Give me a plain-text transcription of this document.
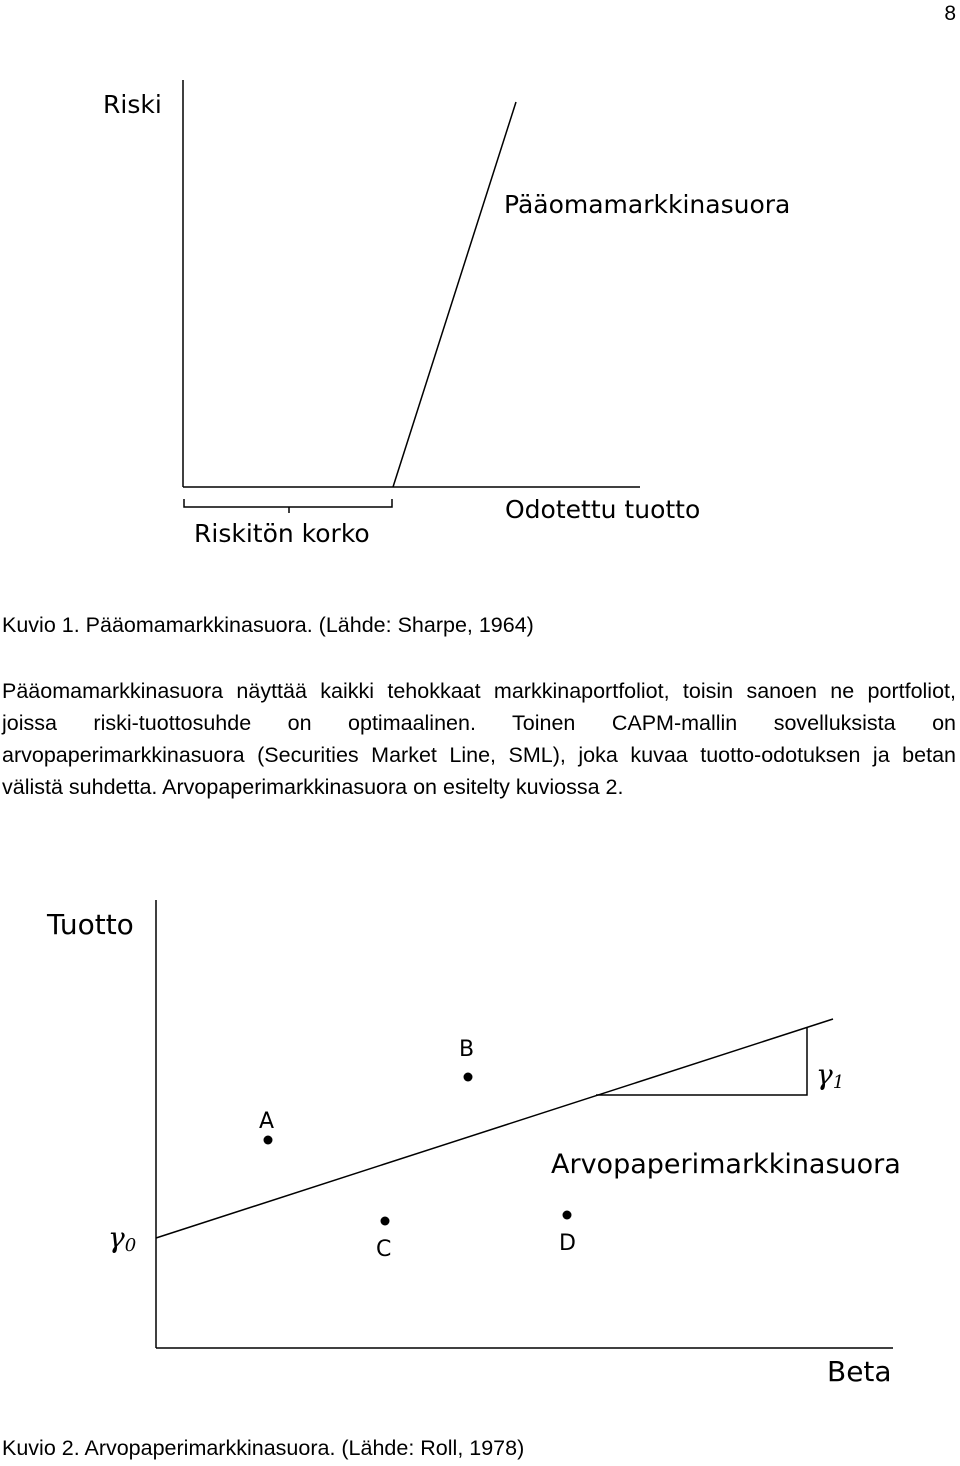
8
Riski
Pääomamarkkinasuora
Odotettu tuotto
Riskitön korko
Kuvio 1. Pääomamarkkinasuora. (Lähde: Sharpe, 1964)
Pääomamarkkinasuora näyttää kaikki tehokkaat markkinaportfoliot, toisin sanoen ne portfoliot, joissa riski-tuottosuhde on optimaalinen. Toinen CAPM-mallin sovelluksista on arvopaperimarkkinasuora (Securities Market Line, SML), joka kuvaa tuotto-odotuksen ja betan välistä suhdetta. Arvopaperimarkkinasuora on esitelty kuviossa 2.
Tuotto
Beta
Arvopaperimarkkinasuora
γ0
γ1
A
B
C	D
Kuvio 2. Arvopaperimarkkinasuora. (Lähde: Roll, 1978)
